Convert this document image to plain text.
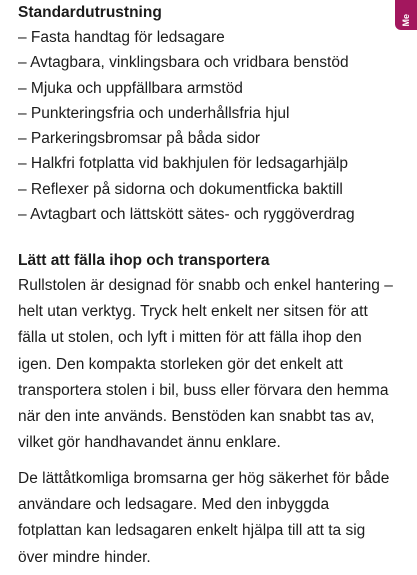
Me
Standardutrustning
– Fasta handtag för ledsagare
– Avtagbara, vinklingsbara och vridbara benstöd
– Mjuka och uppfällbara armstöd
– Punkteringsfria och underhållsfria hjul
– Parkeringsbromsar på båda sidor
– Halkfri fotplatta vid bakhjulen för ledsagarhjälp
– Reflexer på sidorna och dokumentficka baktill
– Avtagbart och lättskött sätes- och ryggöverdrag
Lätt att fälla ihop och transportera

Rullstolen är designad för snabb och enkel hantering – helt utan verktyg. Tryck helt enkelt ner sitsen för att fälla ut stolen, och lyft i mitten för att fälla ihop den igen. Den kompakta storleken gör det enkelt att transportera stolen i bil, buss eller förvara den hemma när den inte används. Benstöden kan snabbt tas av, vilket gör handhavandet ännu enklare.

De lättåtkomliga bromsarna ger hög säkerhet för både användare och ledsagare. Med den inbyggda fotplattan kan ledsagaren enkelt hjälpa till att ta sig över mindre hinder.
